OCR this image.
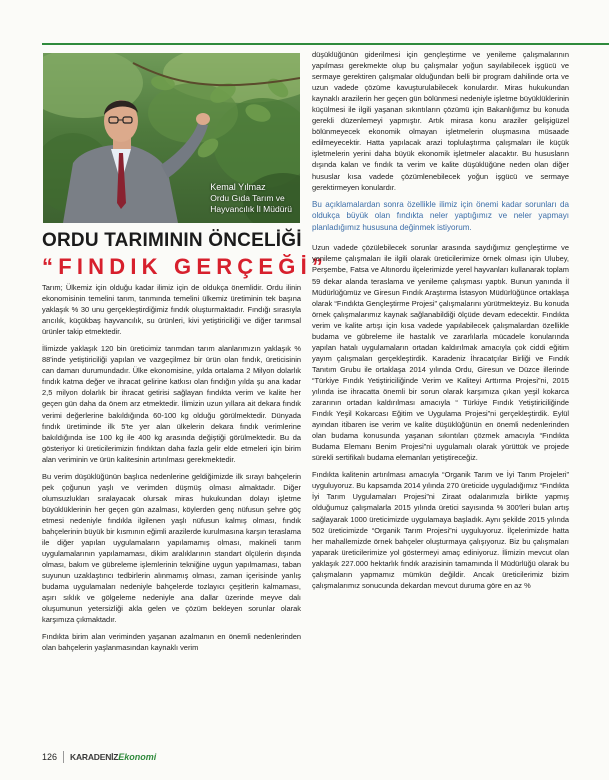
Kemal Yılmaz
Ordu Gıda Tarım ve
Hayvancılık İl Müdürü
ORDU TARIMININ ÖNCELİĞİ
“FINDIK GERÇEĞİ”

Tarım; Ülkemiz için olduğu kadar ilimiz için de oldukça önemlidir. Ordu ilinin ekonomisinin temelini tarım, tarımında temelini ülkemiz üretiminin tek başına yaklaşık % 30 unu gerçekleştirdiğimiz fındık oluşturmaktadır. Fındığı sırasıyla arıcılık, küçükbaş hayvancılık, su ürünleri, kivi yetiştiriciliği ve diğer tarımsal ürünler takip etmektedir.

İlimizde yaklaşık 120 bin üreticimiz tarımdan tarım alanlarımızın yaklaşık % 88'inde yetiştiriciliği yapılan ve vazgeçilmez bir ürün olan fındık, üreticisinin can damarı durumundadır. Ülke ekonomisine, yılda ortalama 2 Milyon dolarlık fındık katma değer ve ihracat gelirine katkısı olan fındığın yılda şu ana kadar 2,5 milyon dolarlık bir ihracat getirisi sağlayan fındıkta verim ve kalite her geçen gün daha da önem arz etmektedir. İlimizin uzun yıllara ait dekara fındık verimi değerlerine bakıldığında 60-100 kg olduğu görülmektedir. Dünyada fındık üretiminde ilk 5'te yer alan ülkelerin dekara fındık verimlerine bakıldığında ise 100 kg ile 400 kg arasında değiştiği görülmektedir. Bu da gösteriyor ki üreticilerimizin fındıktan daha fazla gelir elde etmeleri için birim alan veriminin ve ürün kalitesinin artırılması gerekmektedir.

Bu verim düşüklüğünün başlıca nedenlerine geldiğimizde ilk sırayı bahçelerin pek çoğunun yaşlı ve verimden düşmüş olması almaktadır. Diğer olumsuzlukları sıralayacak olursak miras hukukundan dolayı işletme büyüklüklerinin her geçen gün azalması, köylerden genç nüfusun şehre göç etmesi nedeniyle fındıkla ilgilenen yaşlı nüfusun kalmış olması, fındık bahçelerinin büyük bir kısmının eğimli arazilerde kurulmasına karşın teraslama ile diğer yapılan uygulamaların yapılamamış olması, makineli tarım uygulamalarının yapılamaması, dikim aralıklarının standart ölçülerin dışında olması, bakım ve gübreleme işlemlerinin tekniğine uygun yapılmaması, taban suyunun uzaklaştırıcı tedbirlerin alınmamış olması, zaman içerisinde yanlış budama uygulamaları nedeniyle bahçelerde tozlayıcı çeşitlerin kalmaması, aşırı sıklık ve gölgeleme nedeniyle ana dallar üzerinde meyve dalı oluşumunun yetersizliği akla gelen ve çözüm bekleyen sorunlar olarak karşımıza çıkmaktadır.

Fındıkta birim alan veriminden yaşanan azalmanın en önemli nedenlerinden olan bahçelerin yaşlanmasından kaynaklı verim

düşüklüğünün giderilmesi için gençleştirme ve yenileme çalışmalarının yapılması gerekmekte olup bu çalışmalar yoğun sayılabilecek işgücü ve sermaye gerektiren çalışmalar olduğundan belli bir program dahilinde orta ve uzun vadede çözüme kavuşturulabilecek konulardır. Miras hukukundan kaynaklı arazilerin her geçen gün bölünmesi nedeniyle işletme büyüklüklerinin küçülmesi ile ilgili yaşanan sıkıntıların çözümü için Bakanlığımız bu konuda gerekli düzenlemeyi yapmıştır. Artık mirasa konu araziler gelişigüzel bölünmeyecek ekonomik olmayan işletmelerin oluşmasına müsaade edilmeyecektir. Hatta yapılacak arazi toplulaştırma çalışmaları ile küçük işletmelerin yerini daha büyük ekonomik işletmeler alacaktır. Bu hususların dışında kalan ve fındık ta verim ve kalite düşüklüğüne neden olan diğer hususlar kısa vadede çözümlenebilecek yoğun işgücü ve sermaye gerektirmeyen konulardır.

Bu açıklamalardan sonra özellikle ilimiz için önemi kadar sorunları da oldukça büyük olan fındıkta neler yaptığımız ve neler yapmayı planladığımız hususuna değinmek istiyorum.

Uzun vadede çözülebilecek sorunlar arasında saydığımız gençleştirme ve yenileme çalışmaları ile ilgili olarak üreticilerimize örnek olması için Ulubey, Perşembe, Fatsa ve Altınordu ilçelerimizde yerel hayvanları kullanarak toplam 59 dekar alanda teraslama ve yenileme çalışması yaptık. Bunun yanında İl Müdürlüğümüz ve Giresun Fındık Araştırma İstasyon Müdürlüğünce ortaklaşa olarak “Fındıkta Gençleştirme Projesi” çalışmalarını yürütmekteyiz. Bu konuda örnek çalışmalarımız kaynak sağlanabildiği ölçüde devam edecektir. Fındıkta verim ve kalite artışı için kısa vadede yapılabilecek çalışmalardan özellikle budama ve gübreleme ile hastalık ve zararlılarla mücadele konularında yapılan hatalı uygulamaların ortadan kaldırılmak amacıyla çok ciddi eğitim yayım çalışmaları gerçekleştirdik. Karadeniz İhracatçılar Birliği ve Fındık Tanıtım Grubu ile ortaklaşa 2014 yılında Ordu, Giresun ve Düzce illerinde “Türkiye Fındık Yetiştiriciliğinde Verim ve Kaliteyi Arttırma Projesi”ni, 2015 yılında ise ihracatta önemli bir sorun olarak karşımıza çıkan yeşil kokarca zararının ortadan kaldırılması amacıyla “ Türkiye Fındık Yetiştiriciliğinde Fındık Yeşil Kokarcası Eğitim ve Uygulama Projesi”ni gerçekleştirdik. Eylül ayından itibaren ise verim ve kalite düşüklüğünün en önemli nedenlerinden olan budama konusunda yaşanan sıkıntıları çözmek amacıyla “Fındıkta Budama Elemanı Benim Projesi”ni uygulamalı olarak yürüttük ve projede sürekli sertifikalı budama elemanları yetiştireceğiz.

Fındıkta kalitenin artırılması amacıyla “Organik Tarım ve İyi Tarım Projeleri” uyguluyoruz. Bu kapsamda 2014 yılında 270 üreticide uyguladığımız “Fındıkta İyi Tarım Uygulamaları Projesi”ni Ziraat odalarımızla birlikte yapmış olduğumuz çalışmalarla 2015 yılında üretici sayısında % 300'leri bulan artış sağlayarak 1000 üreticimizde uygulamaya başladık. Aynı şekilde 2015 yılında 502 üreticimizde “Organik Tarım Projesi”ni uyguluyoruz. İlçelerimizde hatta her mahallemizde örnek bahçeler oluşturmaya çalışıyoruz. Biz bu çalışmaları yaparak üreticilerimize yol göstermeyi amaç ediniyoruz. İlimizin mevcut olan yaklaşık 227.000 hektarlık fındık arazisinin tamamında İl Müdürlüğü olarak bu çalışmaların yapmamız mümkün değildir. Ancak üreticilerimiz bizim çalışmalarımız sonucunda dekardan mevcut duruma göre en az %

126 KARADENİZ Ekonomi
